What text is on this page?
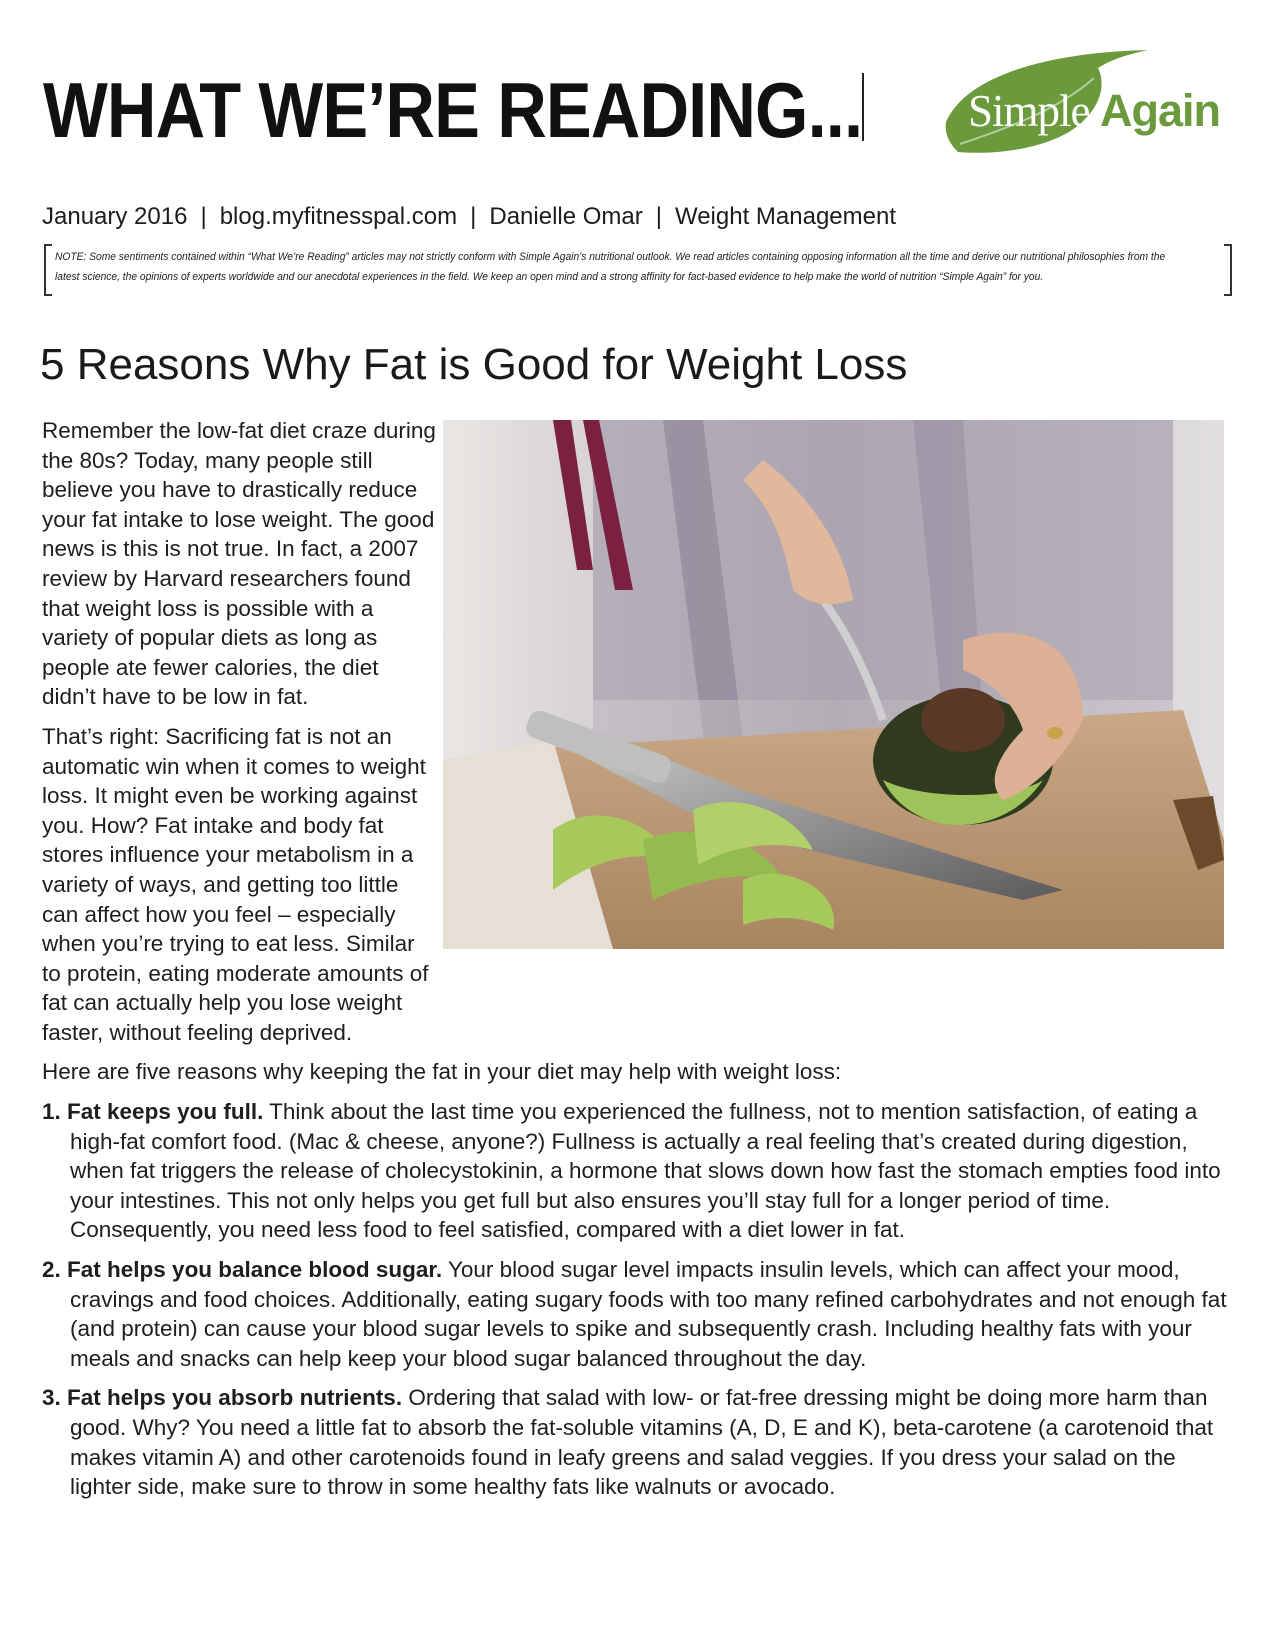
WHAT WE’RE READING... Simple Again
January 2016 | blog.myfitnesspal.com | Danielle Omar | Weight Management
NOTE: Some sentiments contained within “What We’re Reading” articles may not strictly conform with Simple Again’s nutritional outlook. We read articles containing opposing information all the time and derive our nutritional philosophies from the latest science, the opinions of experts worldwide and our anecdotal experiences in the field. We keep an open mind and a strong affinity for fact-based evidence to help make the world of nutrition “Simple Again” for you.
5 Reasons Why Fat is Good for Weight Loss

Remember the low-fat diet craze during the 80s? Today, many people still believe you have to drastically reduce your fat intake to lose weight. The good news is this is not true. In fact, a 2007 review by Harvard researchers found that weight loss is possible with a variety of popular diets as long as people ate fewer calories, the diet didn’t have to be low in fat.

That’s right: Sacrificing fat is not an automatic win when it comes to weight loss. It might even be working against you. How? Fat intake and body fat stores influence your metabolism in a variety of ways, and getting too little can affect how you feel – especially when you’re trying to eat less. Similar to protein, eating moderate amounts of fat can actually help you lose weight faster, without feeling deprived.

Here are five reasons why keeping the fat in your diet may help with weight loss:

1. Fat keeps you full. Think about the last time you experienced the fullness, not to mention satisfaction, of eating a high-fat comfort food. (Mac & cheese, anyone?) Fullness is actually a real feeling that’s created during digestion, when fat triggers the release of cholecystokinin, a hormone that slows down how fast the stomach empties food into your intestines. This not only helps you get full but also ensures you’ll stay full for a longer period of time. Consequently, you need less food to feel satisfied, compared with a diet lower in fat.
2. Fat helps you balance blood sugar. Your blood sugar level impacts insulin levels, which can affect your mood, cravings and food choices. Additionally, eating sugary foods with too many refined carbohydrates and not enough fat (and protein) can cause your blood sugar levels to spike and subsequently crash. Including healthy fats with your meals and snacks can help keep your blood sugar balanced throughout the day.
3. Fat helps you absorb nutrients. Ordering that salad with low- or fat-free dressing might be doing more harm than good. Why? You need a little fat to absorb the fat-soluble vitamins (A, D, E and K), beta-carotene (a carotenoid that makes vitamin A) and other carotenoids found in leafy greens and salad veggies. If you dress your salad on the lighter side, make sure to throw in some healthy fats like walnuts or avocado.
